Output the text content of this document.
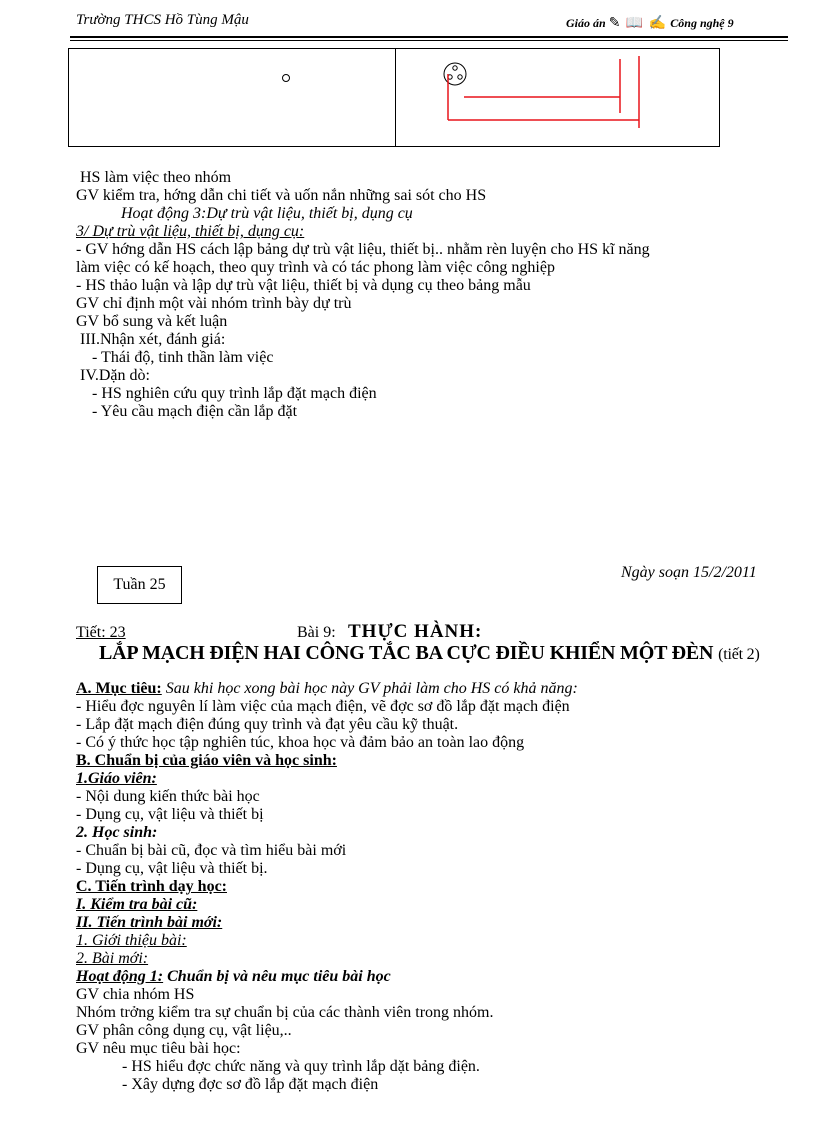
Trường THCS Hồ Tùng Mậu	Giáo án ✎ 📖 ✍ Công nghệ 9
HS làm việc theo nhóm
GV kiểm tra, hớng dẫn chi tiết và uốn nắn những sai sót cho HS
Hoạt động 3:Dự trù vật liệu, thiết bị, dụng cụ
3/ Dự trù vật liệu, thiết bị, dụng cụ:
- GV hớng dẫn HS cách lập bảng dự trù vật liệu, thiết bị.. nhằm rèn luyện cho HS kĩ năng
làm việc có kế hoạch, theo quy trình và có tác phong làm việc công nghiệp
- HS thảo luận và lập dự trù vật liệu, thiết bị và dụng cụ theo bảng mẫu
GV chỉ định một vài nhóm trình bày dự trù
GV bổ sung và kết luận
III.Nhận xét, đánh giá:
- Thái độ, tinh thần làm việc
IV.Dặn dò:
- HS nghiên cứu quy trình lắp đặt mạch điện
- Yêu cầu mạch điện cần lắp đặt
Tuần 25
Ngày soạn 15/2/2011
Tiết: 23	Bài 9: THỰC HÀNH:
LẮP MẠCH ĐIỆN HAI CÔNG TẮC BA CỰC ĐIỀU KHIỂN MỘT ĐÈN (tiết 2)
A. Mục tiêu: Sau khi học xong bài học này GV phải làm cho HS có khả năng:
- Hiểu đợc nguyên lí làm việc của mạch điện, vẽ đợc sơ đồ lắp đặt mạch điện
- Lắp đặt mạch điện đúng quy trình và đạt yêu cầu kỹ thuật.
- Có ý thức học tập nghiên túc, khoa học và đảm bảo an toàn lao động
B. Chuẩn bị của giáo viên và học sinh:
1.Giáo viên:
- Nội dung kiến thức bài học
- Dụng cụ, vật liệu và thiết bị
2. Học sinh:
- Chuẩn bị bài cũ, đọc và tìm hiểu bài mới
- Dụng cụ, vật liệu và thiết bị.
C. Tiến trình dạy học:
I. Kiểm tra bài cũ:
II. Tiến trình bài mới:
1. Giới thiệu bài:
2. Bài mới:
Hoạt động 1: Chuẩn bị và nêu mục tiêu bài học
GV chia nhóm HS
Nhóm trởng kiểm tra sự chuẩn bị của các thành viên trong nhóm.
GV phân công dụng cụ, vật liệu,..
GV nêu mục tiêu bài học:
- HS hiểu đợc chức năng và quy trình lắp dặt bảng điện.
- Xây dựng đợc sơ đồ lắp đặt mạch điện
